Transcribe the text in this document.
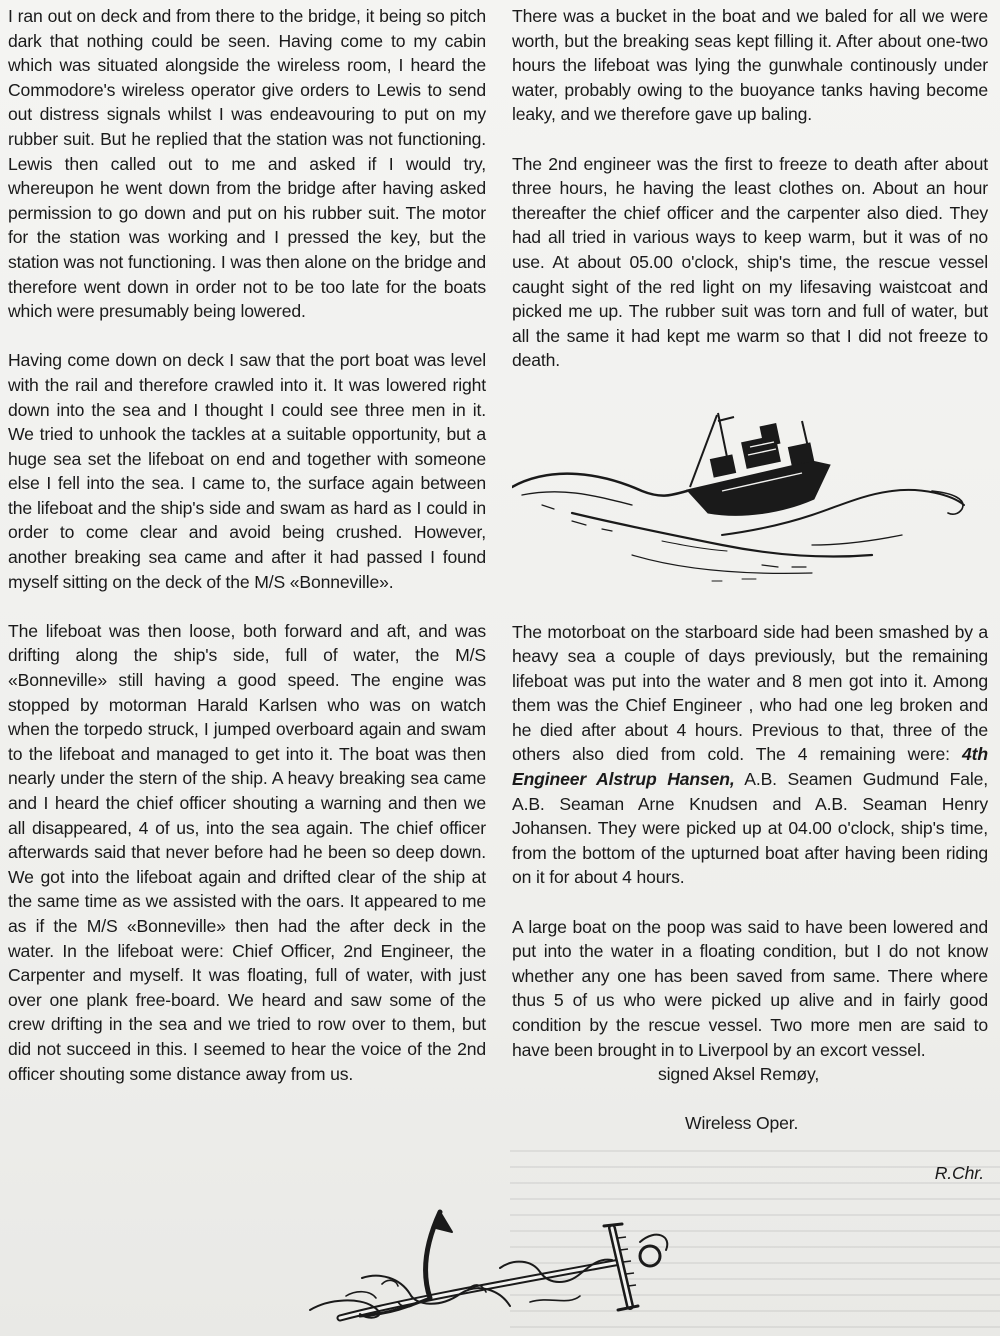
I ran out on deck and from there to the bridge, it being so pitch dark that nothing could be seen. Having come to my cabin which was situated alongside the wireless room, I heard the Commodore's wireless operator give orders to Lewis to send out distress signals whilst I was endeavouring to put on my rubber suit. But he replied that the station was not functioning. Lewis then called out to me and asked if I would try, whereupon he went down from the bridge after having asked permission to go down and put on his rubber suit. The motor for the station was working and I pressed the key, but the station was not functioning. I was then alone on the bridge and therefore went down in order not to be too late for the boats which were presumably being lowered.

Having come down on deck I saw that the port boat was level with the rail and therefore crawled into it. It was lowered right down into the sea and I thought I could see three men in it. We tried to unhook the tackles at a suitable opportunity, but a huge sea set the lifeboat on end and together with someone else I fell into the sea. I came to, the surface again between the lifeboat and the ship's side and swam as hard as I could in order to come clear and avoid being crushed. However, another breaking sea came and after it had passed I found myself sitting on the deck of the M/S «Bonneville».

The lifeboat was then loose, both forward and aft, and was drifting along the ship's side, full of water, the M/S «Bonneville» still having a good speed. The engine was stopped by motorman Harald Karlsen who was on watch when the torpedo struck, I jumped overboard again and swam to the lifeboat and managed to get into it. The boat was then nearly under the stern of the ship. A heavy breaking sea came and I heard the chief officer shouting a warning and then we all disappeared, 4 of us, into the sea again. The chief officer afterwards said that never before had he been so deep down. We got into the lifeboat again and drifted clear of the ship at the same time as we assisted with the oars. It appeared to me as if the M/S «Bonneville» then had the after deck in the water. In the lifeboat were: Chief Officer, 2nd Engineer, the Carpenter and myself. It was floating, full of water, with just over one plank free-board. We heard and saw some of the crew drifting in the sea and we tried to row over to them, but did not succeed in this. I seemed to hear the voice of the 2nd officer shouting some distance away from us.

There was a bucket in the boat and we baled for all we were worth, but the breaking seas kept filling it. After about one-two hours the lifeboat was lying the gunwhale continously under water, probably owing to the buoyance tanks having become leaky, and we therefore gave up baling.

The 2nd engineer was the first to freeze to death after about three hours, he having the least clothes on. About an hour thereafter the chief officer and the carpenter also died. They had all tried in various ways to keep warm, but it was of no use. At about 05.00 o'clock, ship's time, the rescue vessel caught sight of the red light on my lifesaving waistcoat and picked me up. The rubber suit was torn and full of water, but all the same it had kept me warm so that I did not freeze to death.

The motorboat on the starboard side had been smashed by a heavy sea a couple of days previously, but the remaining lifeboat was put into the water and 8 men got into it. Among them was the Chief Engineer , who had one leg broken and he died after about 4 hours. Previous to that, three of the others also died from cold. The 4 remaining were: 4th Engineer Alstrup Hansen, A.B. Seamen Gudmund Fale, A.B. Seaman Arne Knudsen and A.B. Seaman Henry Johansen. They were picked up at 04.00 o'clock, ship's time, from the bottom of the upturned boat after having been riding on it for about 4 hours.

A large boat on the poop was said to have been lowered and put into the water in a floating condition, but I do not know whether any one has been saved from same. There where thus 5 of us who were picked up alive and in fairly good condition by the rescue vessel. Two more men are said to have been brought in to Liverpool by an excort vessel.

signed Aksel Remøy,

Wireless Oper.

R.Chr.
